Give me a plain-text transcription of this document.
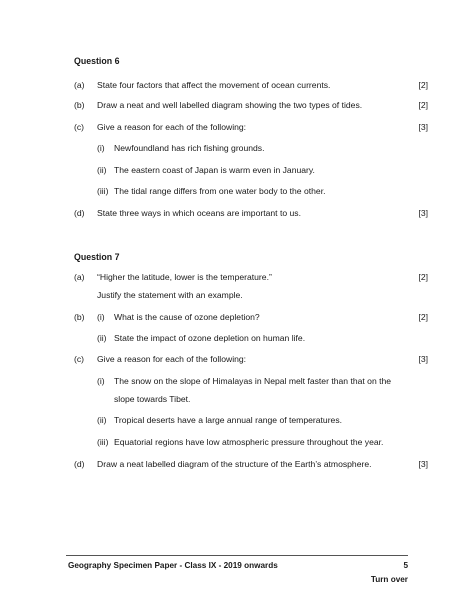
Question 6
(a) State four factors that affect the movement of ocean currents.	[2]
(b) Draw a neat and well labelled diagram showing the two types of tides.	[2]
(c) Give a reason for each of the following:	[3]
(i) Newfoundland has rich fishing grounds.
(ii) The eastern coast of Japan is warm even in January.
(iii) The tidal range differs from one water body to the other.
(d) State three ways in which oceans are important to us.	[3]
Question 7
(a) “Higher the latitude, lower is the temperature.”	[2]
Justify the statement with an example.
(b) (i) What is the cause of ozone depletion?	[2]
(ii) State the impact of ozone depletion on human life.
(c) Give a reason for each of the following:	[3]
(i) The snow on the slope of Himalayas in Nepal melt faster than that on the
slope towards Tibet.
(ii) Tropical deserts have a large annual range of temperatures.
(iii) Equatorial regions have low atmospheric pressure throughout the year.
(d) Draw a neat labelled diagram of the structure of the Earth’s atmosphere.	[3]
Geography Specimen Paper - Class IX - 2019 onwards	5
Turn over
